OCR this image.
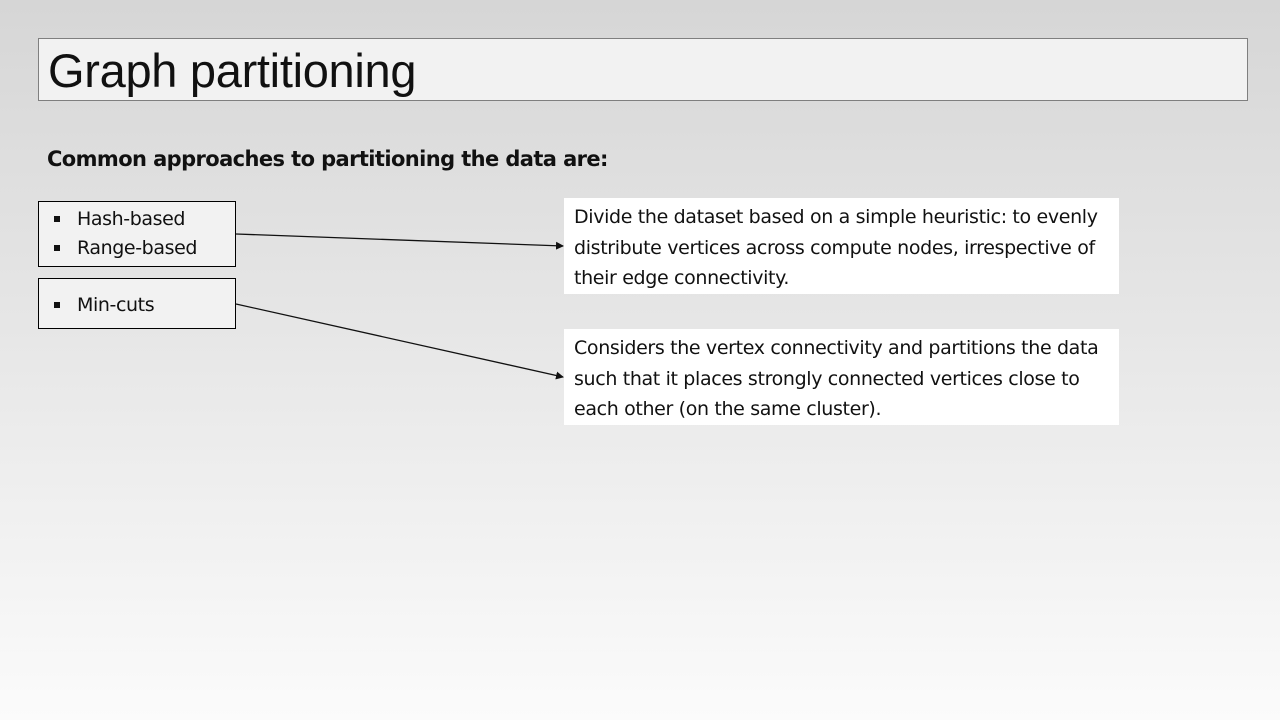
Graph partitioning
Common approaches to partitioning the data are:
Hash-based
Range-based
Min-cuts
Divide the dataset based on a simple heuristic: to evenly distribute vertices across compute nodes, irrespective of their edge connectivity.
Considers the vertex connectivity and partitions the data such that it places strongly connected vertices close to each other (on the same cluster).
